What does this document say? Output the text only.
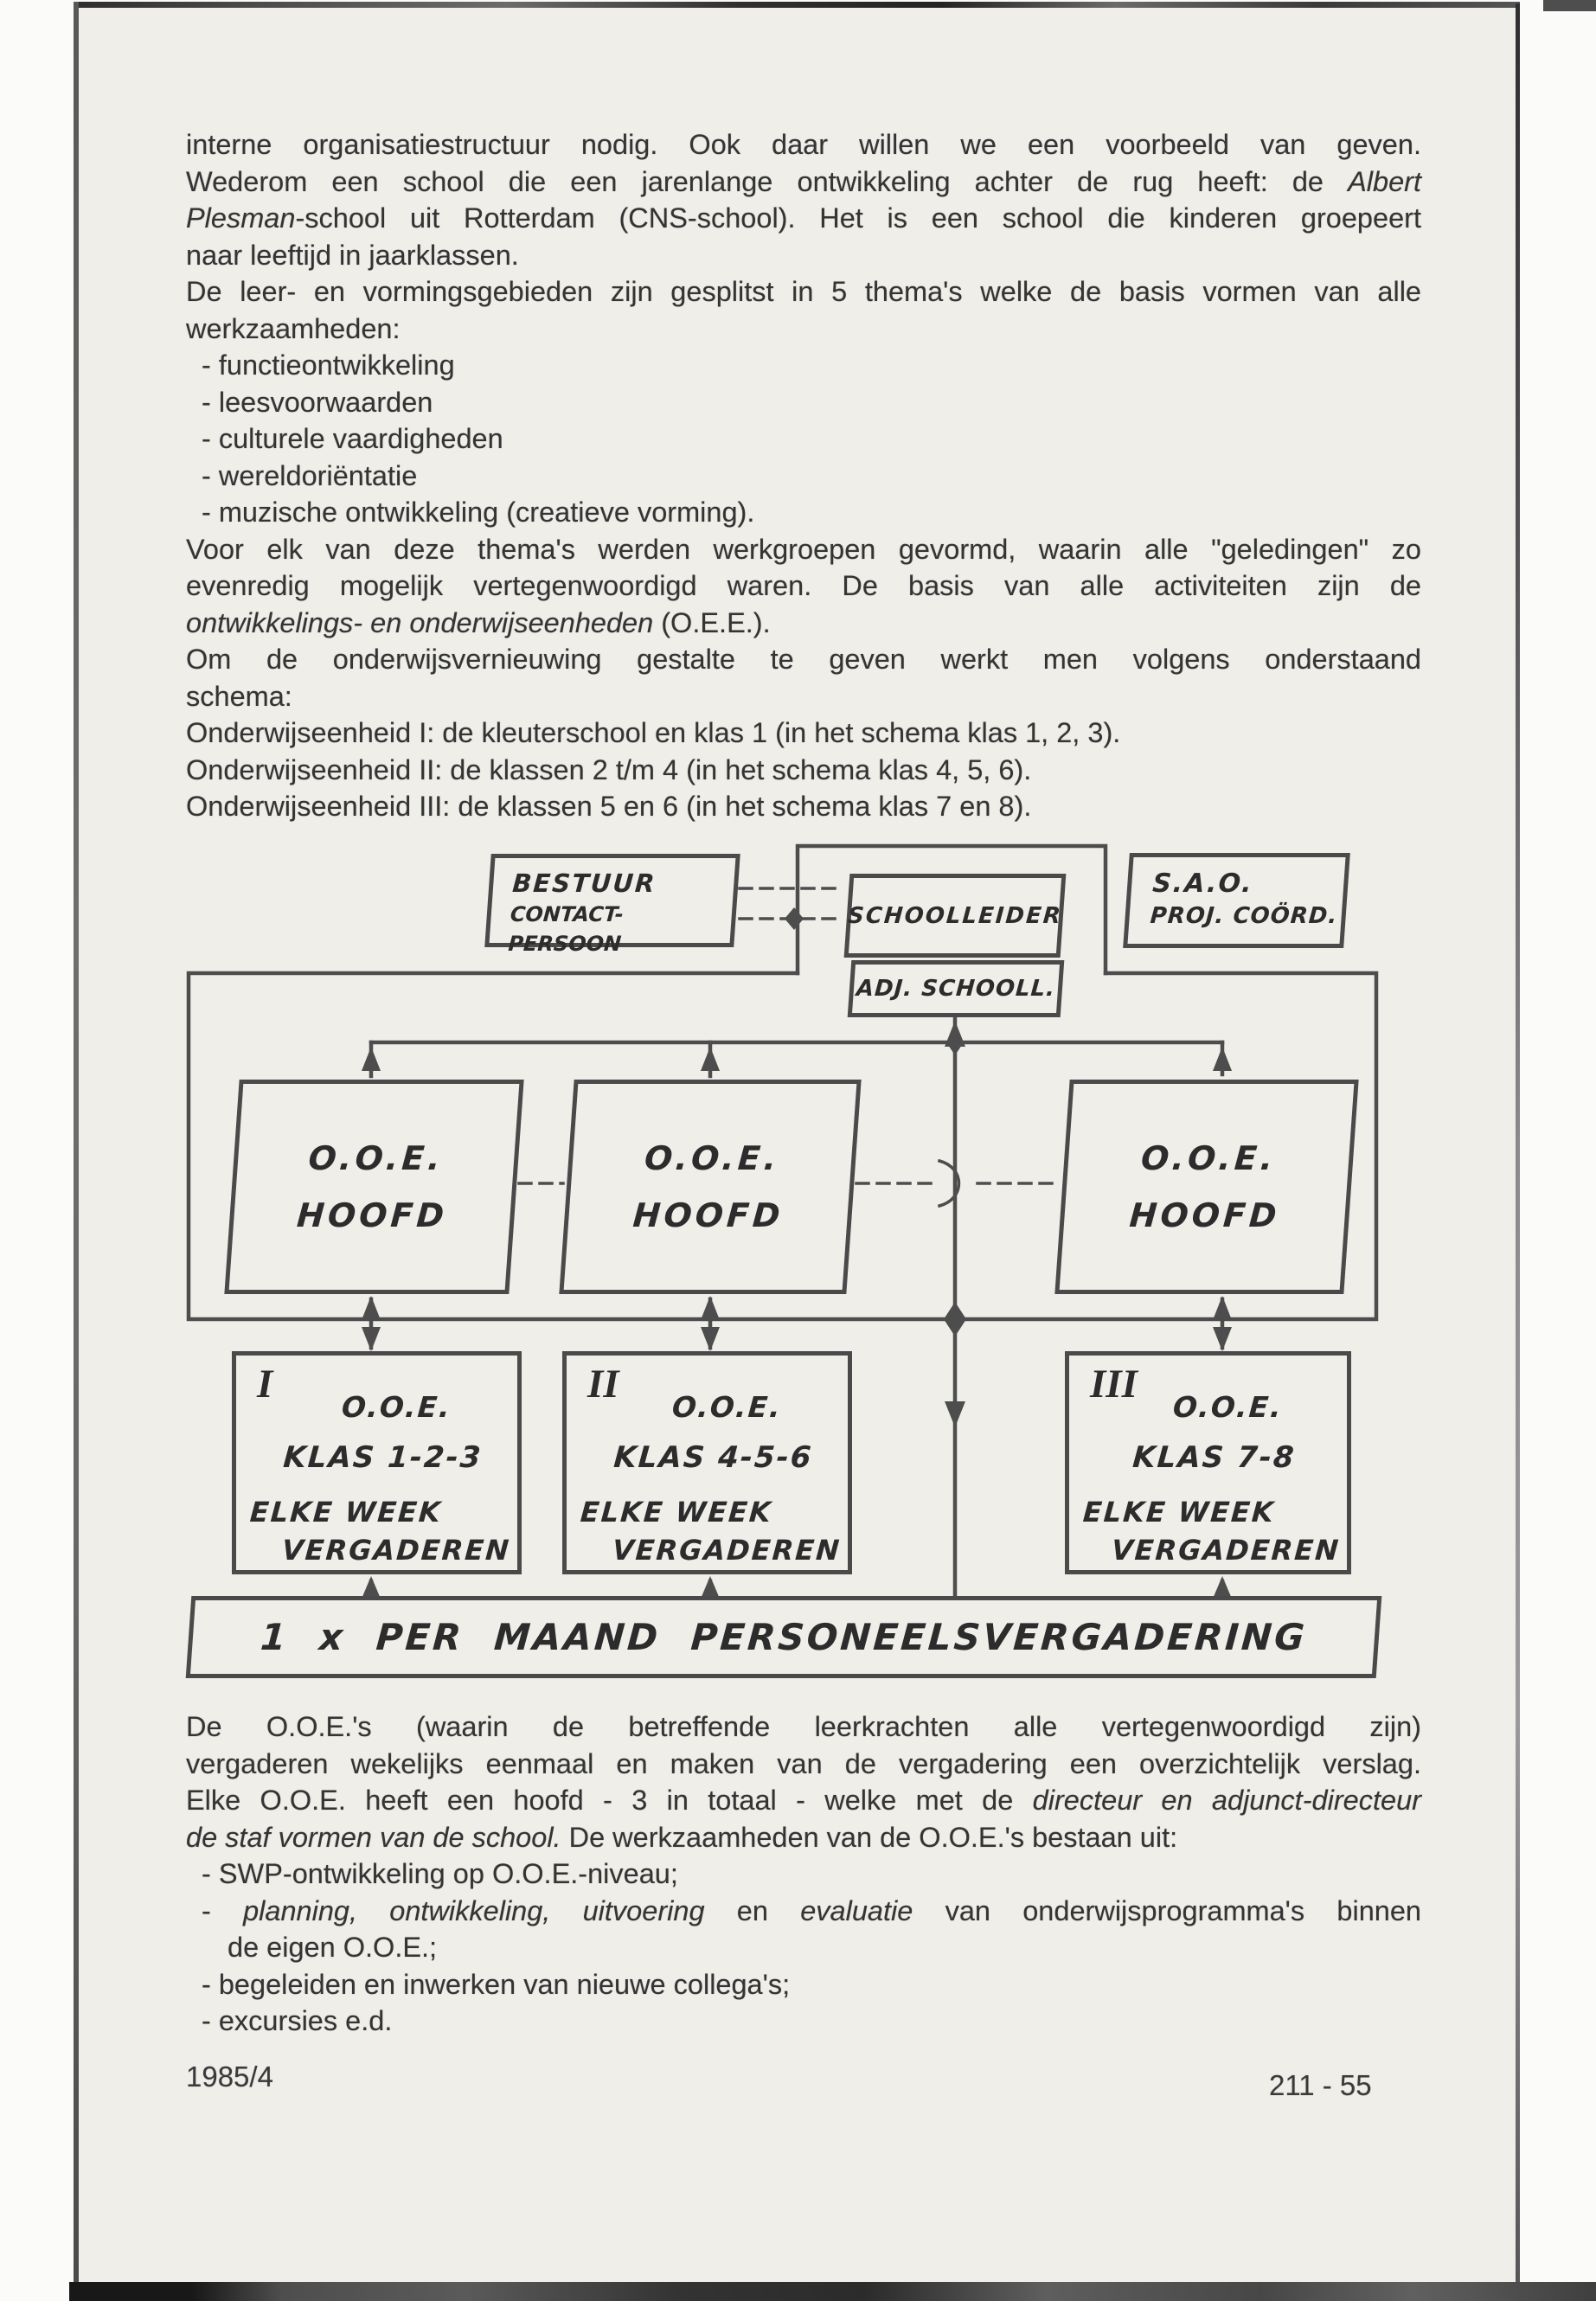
interne organisatiestructuur nodig. Ook daar willen we een voorbeeld van geven.
Wederom een school die een jarenlange ontwikkeling achter de rug heeft: de Albert
Plesman-school uit Rotterdam (CNS-school). Het is een school die kinderen groepeert
naar leeftijd in jaarklassen.
De leer- en vormingsgebieden zijn gesplitst in 5 thema's welke de basis vormen van alle
werkzaamheden:
- functieontwikkeling
- leesvoorwaarden
- culturele vaardigheden
- wereldoriëntatie
- muzische ontwikkeling (creatieve vorming).
Voor elk van deze thema's werden werkgroepen gevormd, waarin alle "geledingen" zo
evenredig mogelijk vertegenwoordigd waren. De basis van alle activiteiten zijn de
ontwikkelings- en onderwijseenheden (O.E.E.).
Om de onderwijsvernieuwing gestalte te geven werkt men volgens onderstaand
schema:
Onderwijseenheid I: de kleuterschool en klas 1 (in het schema klas 1, 2, 3).
Onderwijseenheid II: de klassen 2 t/m 4 (in het schema klas 4, 5, 6).
Onderwijseenheid III: de klassen 5 en 6 (in het schema klas 7 en 8).
BESTUUR
CONTACT-PERSOON
SCHOOLLEIDER
ADJ. SCHOOLL.
S.A.O.
PROJ. COÖRD.
O.O.E.
HOOFD
O.O.E.
HOOFD
O.O.E.
HOOFD
I
O.O.E.
KLAS 1-2-3
ELKE WEEK
VERGADEREN
II
O.O.E.
KLAS 4-5-6
ELKE WEEK
VERGADEREN
III
O.O.E.
KLAS 7-8
ELKE WEEK
VERGADEREN
1 x PER MAAND PERSONEELSVERGADERING
De O.O.E.'s (waarin de betreffende leerkrachten alle vertegenwoordigd zijn)
vergaderen wekelijks eenmaal en maken van de vergadering een overzichtelijk verslag.
Elke O.O.E. heeft een hoofd - 3 in totaal - welke met de directeur en adjunct-directeur
de staf vormen van de school. De werkzaamheden van de O.O.E.'s bestaan uit:
- SWP-ontwikkeling op O.O.E.-niveau;
- planning, ontwikkeling, uitvoering en evaluatie van onderwijsprogramma's binnen
de eigen O.O.E.;
- begeleiden en inwerken van nieuwe collega's;
- excursies e.d.
1985/4	211 - 55
